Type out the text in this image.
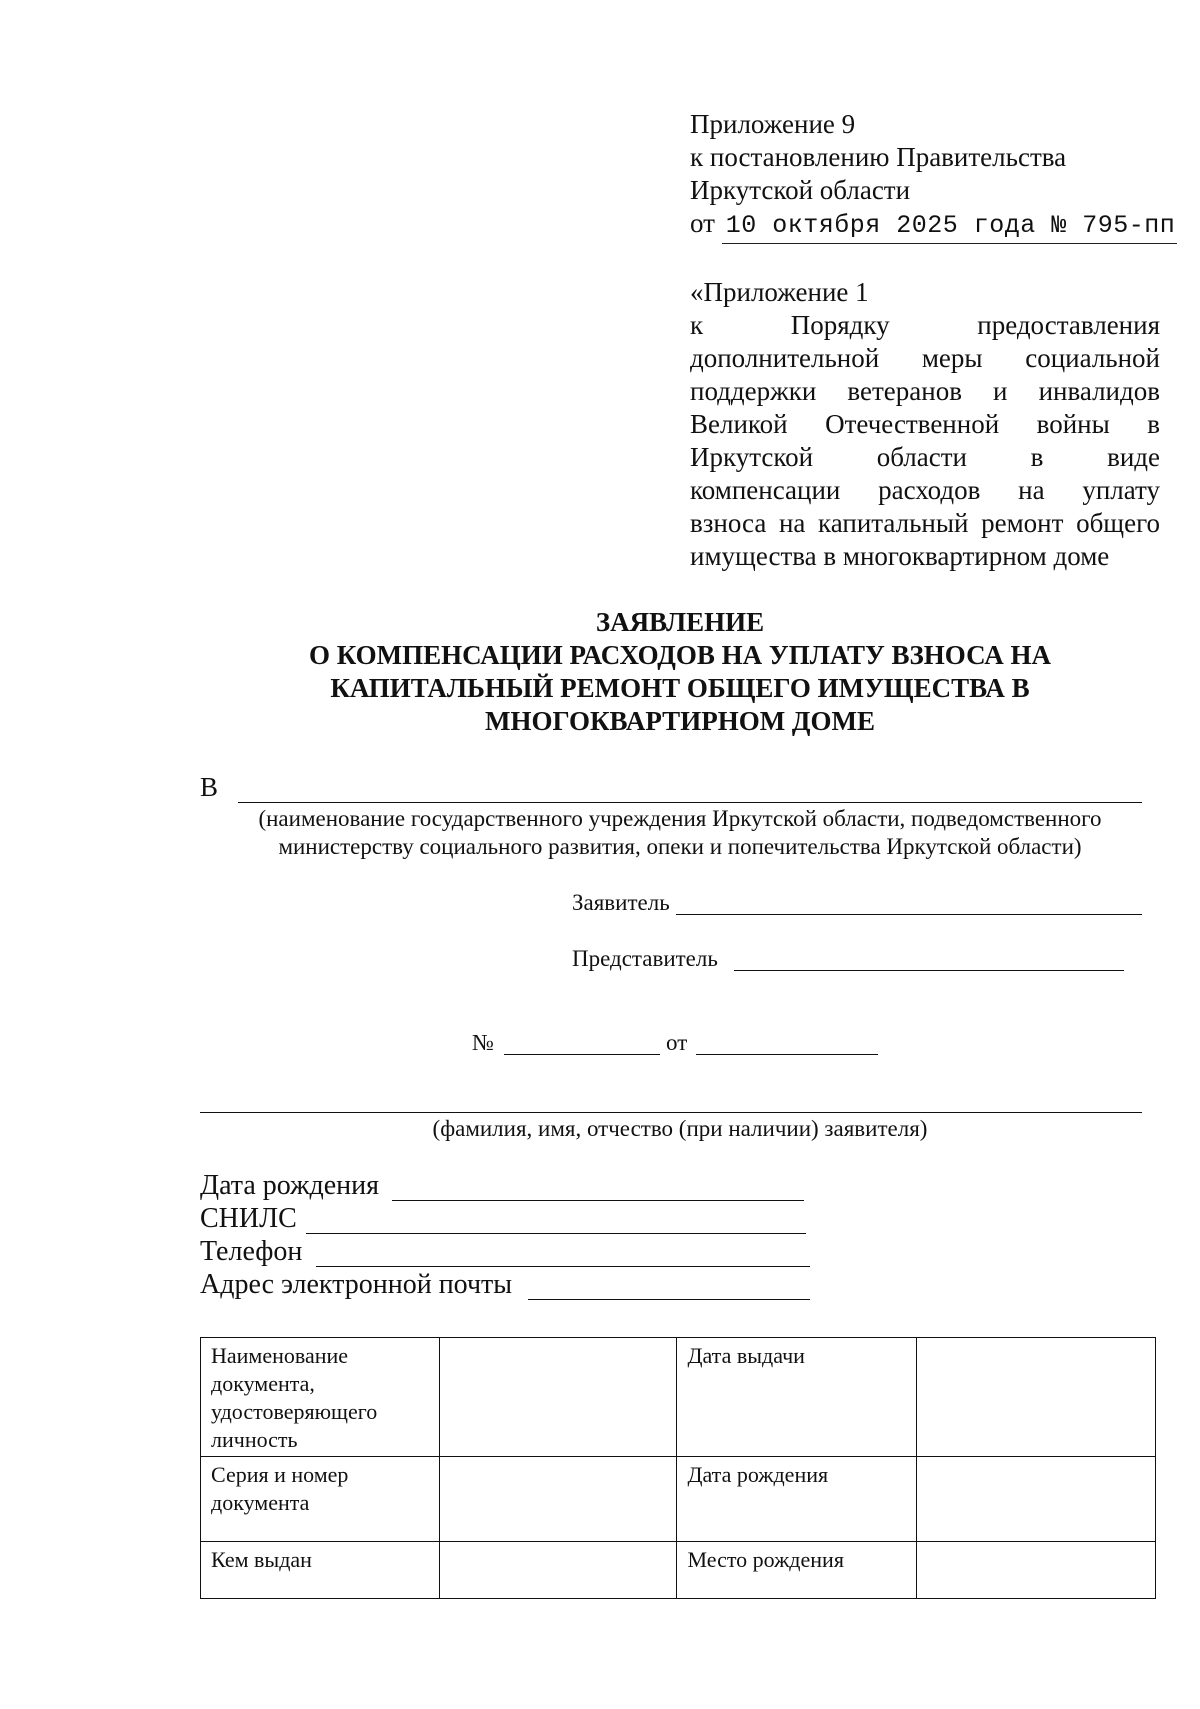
Приложение 9
к постановлению Правительства
Иркутской области
от 10 октября 2025 года № 795-пп
«Приложение 1
к Порядку предоставления
дополнительной меры социальной
поддержки ветеранов и инвалидов
Великой Отечественной войны в
Иркутской области в виде
компенсации расходов на уплату
взноса на капитальный ремонт общего
имущества в многоквартирном доме
ЗАЯВЛЕНИЕ
О КОМПЕНСАЦИИ РАСХОДОВ НА УПЛАТУ ВЗНОСА НА
КАПИТАЛЬНЫЙ РЕМОНТ ОБЩЕГО ИМУЩЕСТВА В
МНОГОКВАРТИРНОМ ДОМЕ
В
(наименование государственного учреждения Иркутской области, подведомственного
министерству социального развития, опеки и попечительства Иркутской области)
Заявитель
Представитель
№	от
(фамилия, имя, отчество (при наличии) заявителя)
Дата рождения
СНИЛС
Телефон
Адрес электронной почты
Наименование документа, удостоверяющего личность		Дата выдачи	
Серия и номер документа		Дата рождения	
Кем выдан		Место рождения	
